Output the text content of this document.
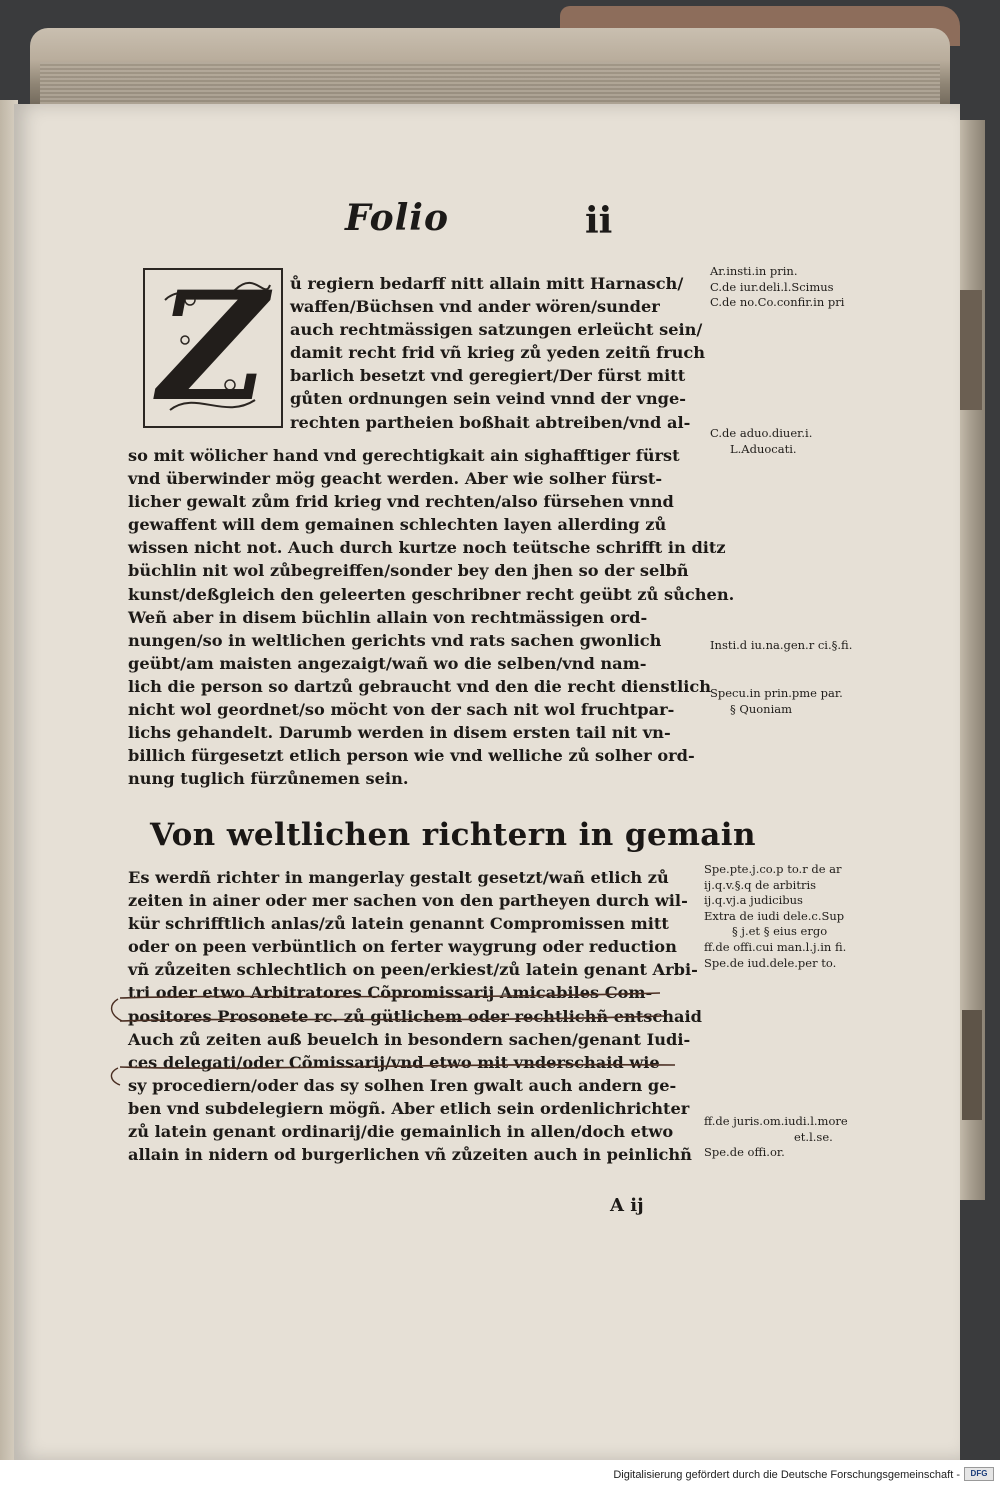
Folio	ii
Z	ů regiern bedarff nitt allain mitt Harnasch/
waffen/Büchsen vnd ander wören/sunder
auch rechtmässigen satzungen erleücht sein/
damit recht frid vñ krieg zů yeden zeitñ fruch
barlich besetzt vnd geregiert/Der fürst mitt
gůten ordnungen sein veind vnnd der vnge-
rechten partheien boßhait abtreiben/vnd al-
so mit wölicher hand vnd gerechtigkait ain sighafftiger fürst
vnd überwinder mög geacht werden. Aber wie solher fürst-
licher gewalt zům frid krieg vnd rechten/also fürsehen vnnd
gewaffent will dem gemainen schlechten layen allerding zů
wissen nicht not. Auch durch kurtze noch teütsche schrifft in ditz
büchlin nit wol zůbegreiffen/sonder bey den jhen so der selbñ
kunst/deßgleich den geleerten geschribner recht geübt zů sůchen.
Weñ aber in disem büchlin allain von rechtmässigen ord-
nungen/so in weltlichen gerichts vnd rats sachen gwonlich
geübt/am maisten angezaigt/wañ wo die selben/vnd nam-
lich die person so dartzů gebraucht vnd den die recht dienstlich
nicht wol geordnet/so möcht von der sach nit wol fruchtpar-
lichs gehandelt. Darumb werden in disem ersten tail nit vn-
billich fürgesetzt etlich person wie vnd welliche zů solher ord-
nung tuglich fürzůnemen sein.
Von weltlichen richtern in gemain
Es werdñ richter in mangerlay gestalt gesetzt/wañ etlich zů
zeiten in ainer oder mer sachen von den partheyen durch wil-
kür schrifftlich anlas/zů latein genannt Compromissen mitt
oder on peen verbüntlich on ferter waygrung oder reduction
vñ zůzeiten schlechtlich on peen/erkiest/zů latein genant Arbi-
tri oder etwo Arbitratores Cõpromissarij Amicabiles Com-
positores Prosonete rc. zů gütlichem oder rechtlichñ entschaid
Auch zů zeiten auß beuelch in besondern sachen/genant Iudi-
ces delegati/oder Cõmissarij/vnd etwo mit vnderschaid wie
sy procediern/oder das sy solhen Iren gwalt auch andern ge-
ben vnd subdelegiern mögñ. Aber etlich sein ordenlichrichter
zů latein genant ordinarij/die gemainlich in allen/doch etwo
allain in nidern od burgerlichen vñ zůzeiten auch in peinlichñ
A ij
Ar.insti.in prin.
C.de iur.deli.l.Scimus
C.de no.Co.confir.in pri
C.de aduo.diuer.i.
L.Aduocati.
Insti.d iu.na.gen.r ci.§.fi.
Specu.in prin.pme par.
§ Quoniam
Spe.pte.j.co.p to.r de ar
ij.q.v.§.q de arbitris
ij.q.vj.a judicibus
Extra de iudi dele.c.Sup
§ j.et § eius ergo
ff.de offi.cui man.l.j.in fi.
Spe.de iud.dele.per to.
ff.de juris.om.iudi.l.more
et.l.se.
Spe.de offi.or.
Digitalisierung gefördert durch die Deutsche Forschungsgemeinschaft -	DFG
